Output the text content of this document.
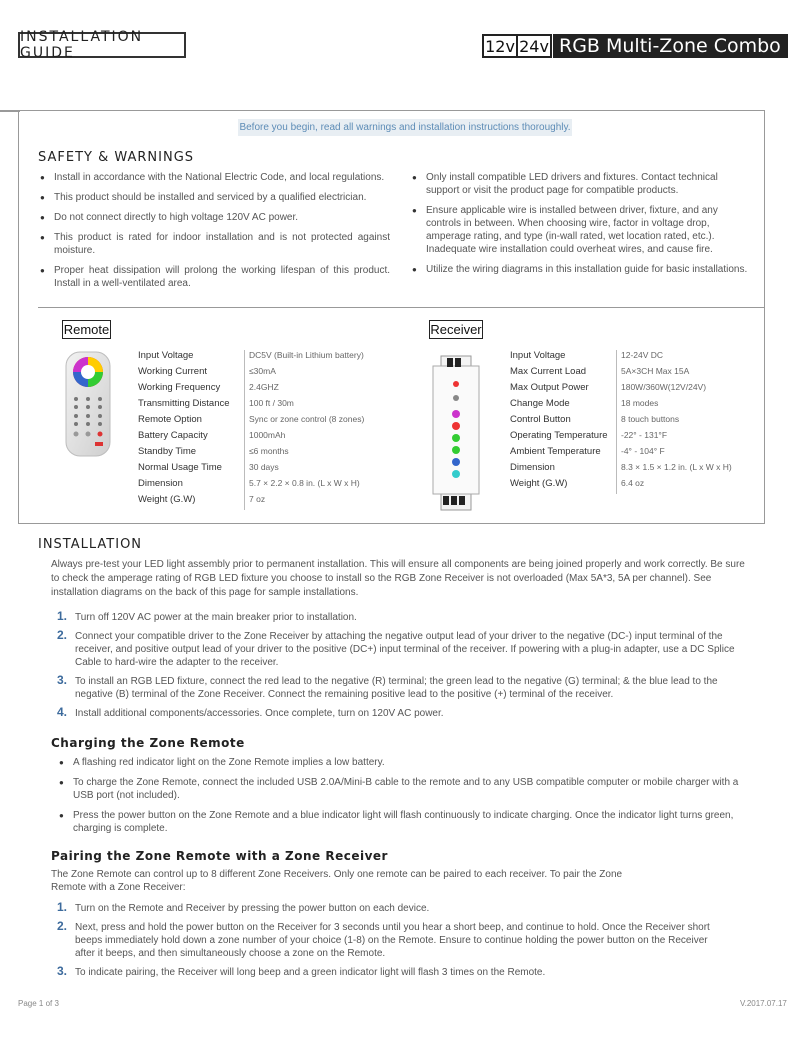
INSTALLATION GUIDE	12v 24v RGB Multi-Zone Combo
Before you begin, read all warnings and installation instructions thoroughly.
SAFETY & WARNINGS
● Install in accordance with the National Electric Code, and local regulations.
● This product should be installed and serviced by a qualified electrician.
● Do not connect directly to high voltage 120V AC power.
● This product is rated for indoor installation and is not protected against moisture.
● Proper heat dissipation will prolong the working lifespan of this product. Install in a well-ventilated area.
● Only install compatible LED drivers and fixtures. Contact technical support or visit the product page for compatible products.
● Ensure applicable wire is installed between driver, fixture, and any controls in between. When choosing wire, factor in voltage drop, amperage rating, and type (in-wall rated, wet location rated, etc.). Inadequate wire installation could overheat wires, and cause fire.
● Utilize the wiring diagrams in this installation guide for basic installations.
Remote
Input Voltage
Working Current
Working Frequency
Transmitting Distance
Remote Option
Battery Capacity
Standby Time
Normal Usage Time
Dimension
Weight (G.W)
DC5V (Built-in Lithium battery)
≤30mA
2.4GHZ
100 ft / 30m
Sync or zone control (8 zones)
1000mAh
≤6 months
30 days
5.7 × 2.2 × 0.8 in. (L x W x H)
7 oz
Receiver
Input Voltage
Max Current Load
Max Output Power
Change Mode
Control Button
Operating Temperature
Ambient Temperature
Dimension
Weight (G.W)
12-24V DC
5A×3CH Max 15A
180W/360W(12V/24V)
18 modes
8 touch buttons
-22° - 131°F
-4° - 104° F
8.3 × 1.5 × 1.2 in. (L x W x H)
6.4 oz
INSTALLATION
Always pre-test your LED light assembly prior to permanent installation. This will ensure all components are being joined properly and work correctly. Be sure to check the amperage rating of RGB LED fixture you choose to install so the RGB Zone Receiver is not overloaded (Max 5A*3, 5A per channel). See installation diagrams on the back of this page for sample installations.
1. Turn off 120V AC power at the main breaker prior to installation.
2. Connect your compatible driver to the Zone Receiver by attaching the negative output lead of your driver to the negative (DC-) input terminal of the receiver, and positive output lead of your driver to the positive (DC+) input terminal of the receiver. If powering with a plug-in adapter, use a DC Splice Cable to hard-wire the adapter to the receiver.
3. To install an RGB LED fixture, connect the red lead to the negative (R) terminal; the green lead to the negative (G) terminal; & the blue lead to the negative (B) terminal of the Zone Receiver. Connect the remaining positive lead to the positive (+) terminal of the receiver.
4. Install additional components/accessories. Once complete, turn on 120V AC power.
Charging the Zone Remote
● A flashing red indicator light on the Zone Remote implies a low battery.
● To charge the Zone Remote, connect the included USB 2.0A/Mini-B cable to the remote and to any USB compatible computer or mobile charger with a USB port (not included).
● Press the power button on the Zone Remote and a blue indicator light will flash continuously to indicate charging. Once the indicator light turns green, charging is complete.
Pairing the Zone Remote with a Zone Receiver
The Zone Remote can control up to 8 different Zone Receivers. Only one remote can be paired to each receiver. To pair the Zone Remote with a Zone Receiver:
1. Turn on the Remote and Receiver by pressing the power button on each device.
2. Next, press and hold the power button on the Receiver for 3 seconds until you hear a short beep, and continue to hold. Once the Receiver short beeps immediately hold down a zone number of your choice (1-8) on the Remote. Ensure to continue holding the power button on the Receiver after it beeps, and then simultaneously choose a zone on the Remote.
3. To indicate pairing, the Receiver will long beep and a green indicator light will flash 3 times on the Remote.
Page 1 of 3	V.2017.07.17
